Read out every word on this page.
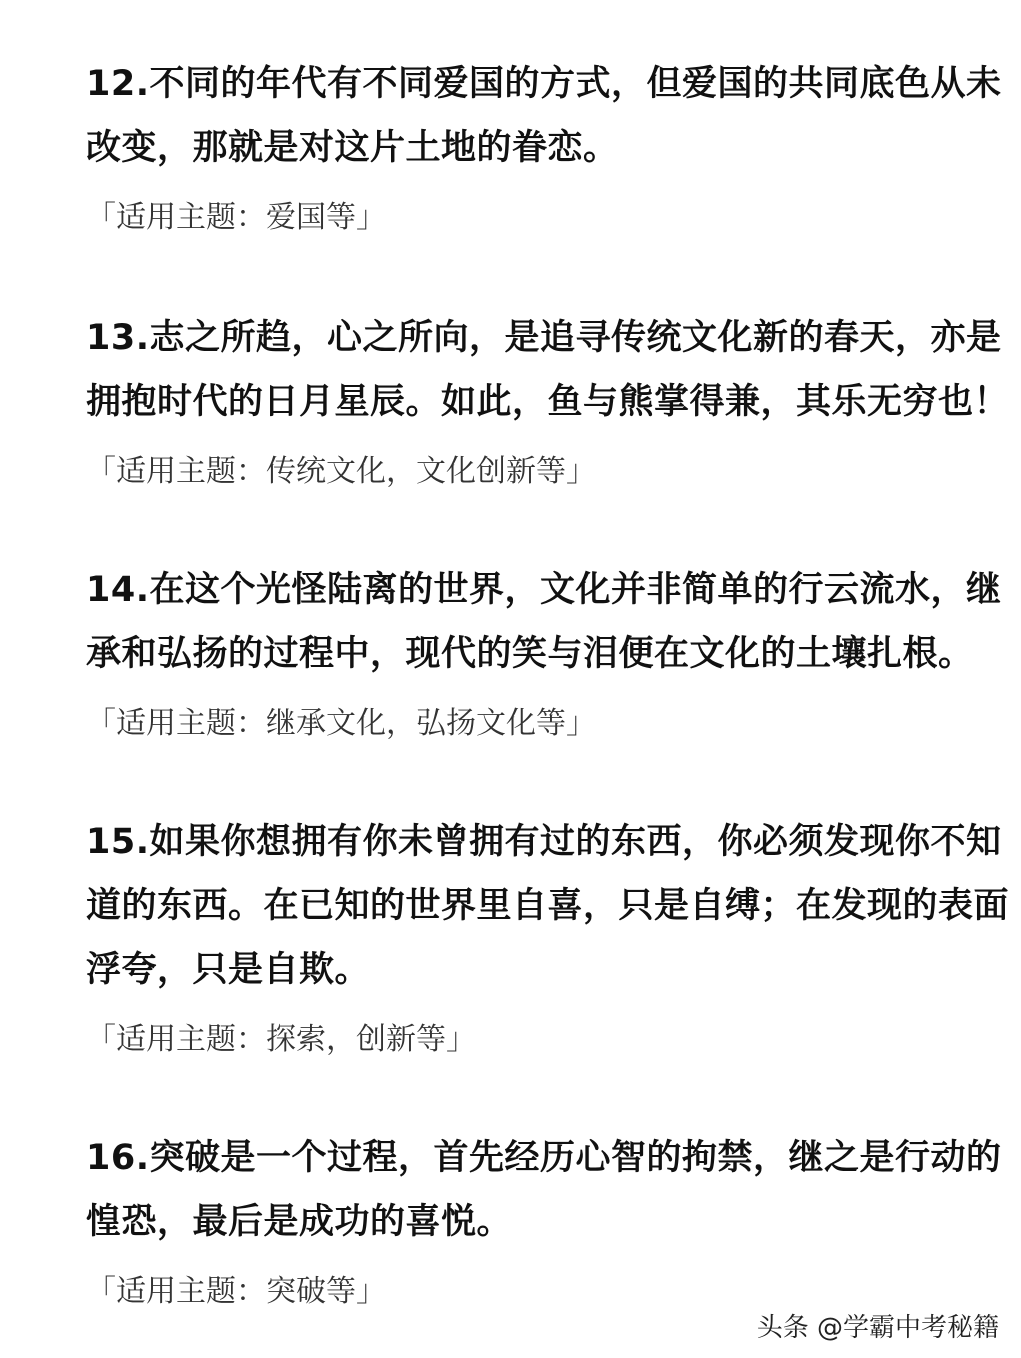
12.不同的年代有不同爱国的方式，但爱国的共同底色从未

改变，那就是对这片土地的眷恋。

「适用主题：爱国等」

13.志之所趋，心之所向，是追寻传统文化新的春天，亦是

拥抱时代的日月星辰。如此，鱼与熊掌得兼，其乐无穷也！

「适用主题：传统文化，文化创新等」

14.在这个光怪陆离的世界，文化并非简单的行云流水，继

承和弘扬的过程中，现代的笑与泪便在文化的土壤扎根。

「适用主题：继承文化，弘扬文化等」

15.如果你想拥有你未曾拥有过的东西，你必须发现你不知

道的东西。在已知的世界里自喜，只是自缚；在发现的表面

浮夸，只是自欺。

「适用主题：探索，创新等」

16.突破是一个过程，首先经历心智的拘禁，继之是行动的

惶恐，最后是成功的喜悦。

「适用主题：突破等」
头条 @学霸中考秘籍
